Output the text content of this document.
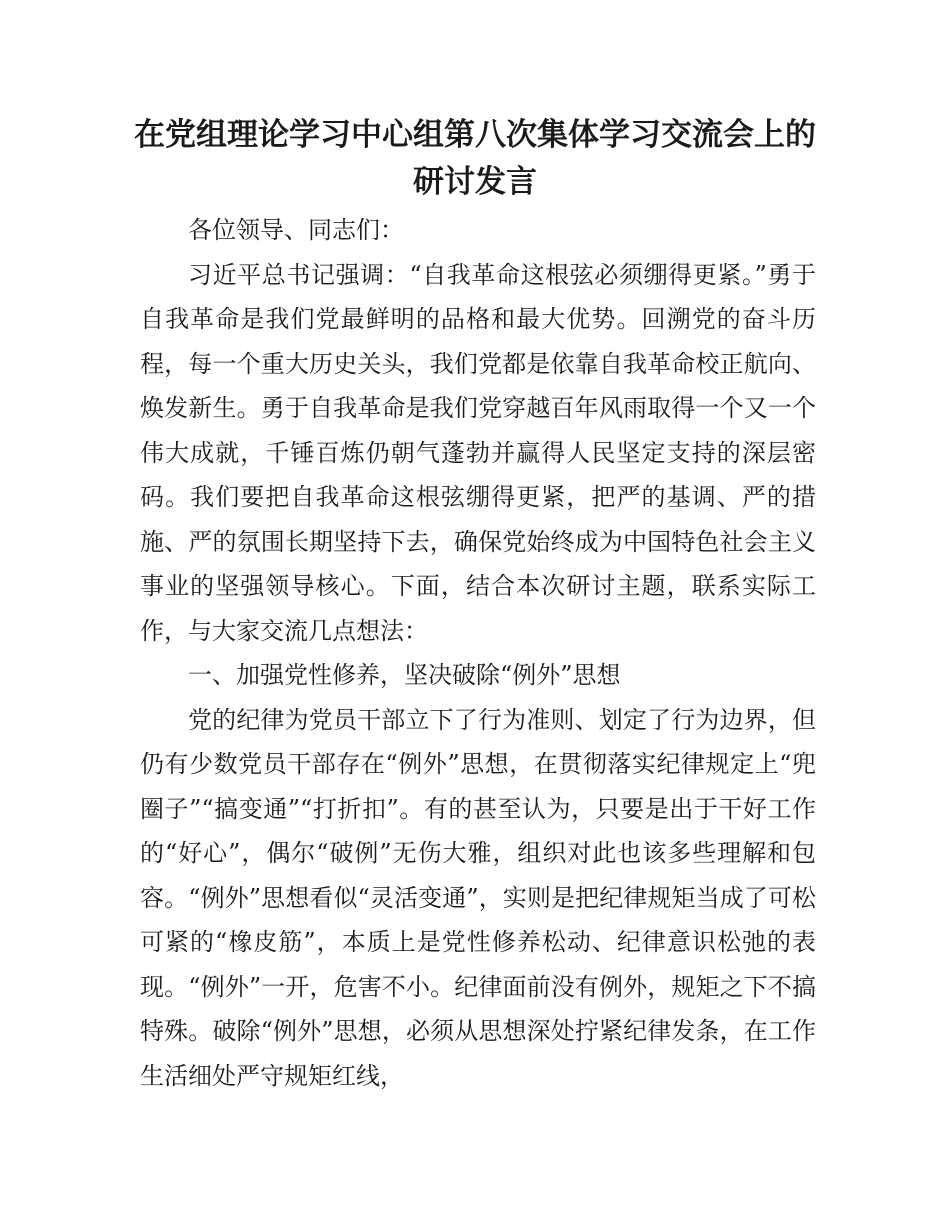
在党组理论学习中心组第八次集体学习交流会上的研讨发言

各位领导、同志们：

习近平总书记强调：“自我革命这根弦必须绷得更紧。”勇于自我革命是我们党最鲜明的品格和最大优势。回溯党的奋斗历程，每一个重大历史关头，我们党都是依靠自我革命校正航向、焕发新生。勇于自我革命是我们党穿越百年风雨取得一个又一个伟大成就，千锤百炼仍朝气蓬勃并赢得人民坚定支持的深层密码。我们要把自我革命这根弦绷得更紧，把严的基调、严的措施、严的氛围长期坚持下去，确保党始终成为中国特色社会主义事业的坚强领导核心。下面，结合本次研讨主题，联系实际工作，与大家交流几点想法：

一、加强党性修养，坚决破除“例外”思想

党的纪律为党员干部立下了行为准则、划定了行为边界，但仍有少数党员干部存在“例外”思想，在贯彻落实纪律规定上“兜圈子”“搞变通”“打折扣”。有的甚至认为，只要是出于干好工作的“好心”，偶尔“破例”无伤大雅，组织对此也该多些理解和包容。“例外”思想看似“灵活变通”，实则是把纪律规矩当成了可松可紧的“橡皮筋”，本质上是党性修养松动、纪律意识松弛的表现。“例外”一开，危害不小。纪律面前没有例外，规矩之下不搞特殊。破除“例外”思想，必须从思想深处拧紧纪律发条，在工作生活细处严守规矩红线，
